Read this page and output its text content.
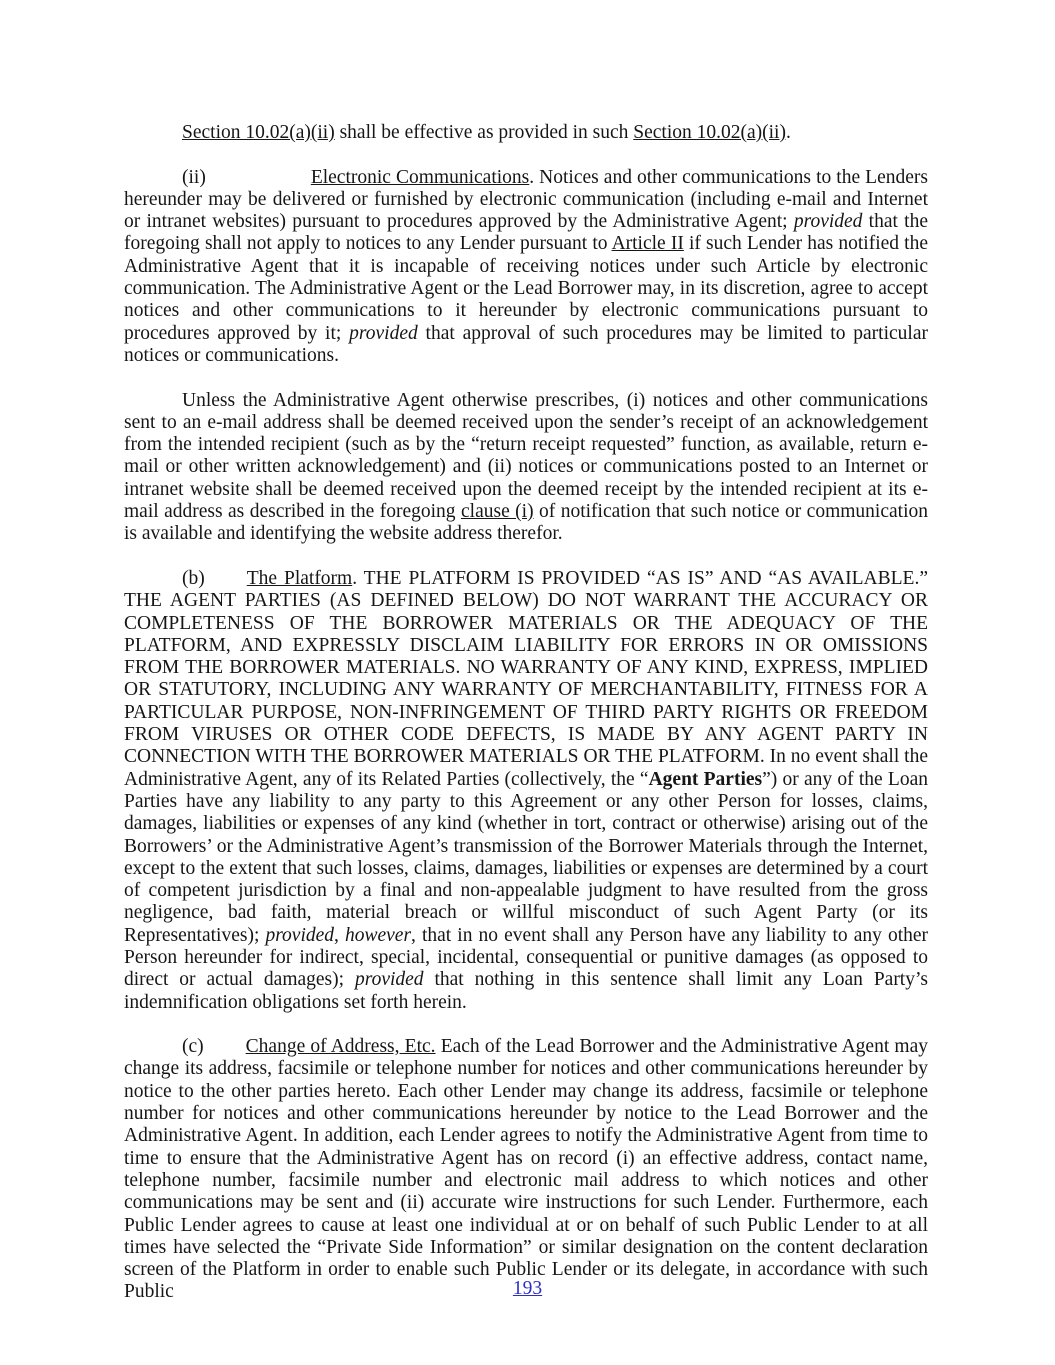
Section 10.02(a)(ii) shall be effective as provided in such Section 10.02(a)(ii).

(ii)	Electronic Communications. Notices and other communications to the Lenders hereunder may be delivered or furnished by electronic communication (including e-mail and Internet or intranet websites) pursuant to procedures approved by the Administrative Agent; provided that the foregoing shall not apply to notices to any Lender pursuant to Article II if such Lender has notified the Administrative Agent that it is incapable of receiving notices under such Article by electronic communication. The Administrative Agent or the Lead Borrower may, in its discretion, agree to accept notices and other communications to it hereunder by electronic communications pursuant to procedures approved by it; provided that approval of such procedures may be limited to particular notices or communications.

Unless the Administrative Agent otherwise prescribes, (i) notices and other communications sent to an e-mail address shall be deemed received upon the sender’s receipt of an acknowledgement from the intended recipient (such as by the “return receipt requested” function, as available, return e-mail or other written acknowledgement) and (ii) notices or communications posted to an Internet or intranet website shall be deemed received upon the deemed receipt by the intended recipient at its e-mail address as described in the foregoing clause (i) of notification that such notice or communication is available and identifying the website address therefor.

(b) The Platform. THE PLATFORM IS PROVIDED “AS IS” AND “AS AVAILABLE.” THE AGENT PARTIES (AS DEFINED BELOW) DO NOT WARRANT THE ACCURACY OR COMPLETENESS OF THE BORROWER MATERIALS OR THE ADEQUACY OF THE PLATFORM, AND EXPRESSLY DISCLAIM LIABILITY FOR ERRORS IN OR OMISSIONS FROM THE BORROWER MATERIALS. NO WARRANTY OF ANY KIND, EXPRESS, IMPLIED OR STATUTORY, INCLUDING ANY WARRANTY OF MERCHANTABILITY, FITNESS FOR A PARTICULAR PURPOSE, NON-INFRINGEMENT OF THIRD PARTY RIGHTS OR FREEDOM FROM VIRUSES OR OTHER CODE DEFECTS, IS MADE BY ANY AGENT PARTY IN CONNECTION WITH THE BORROWER MATERIALS OR THE PLATFORM. In no event shall the Administrative Agent, any of its Related Parties (collectively, the “Agent Parties”) or any of the Loan Parties have any liability to any party to this Agreement or any other Person for losses, claims, damages, liabilities or expenses of any kind (whether in tort, contract or otherwise) arising out of the Borrowers’ or the Administrative Agent’s transmission of the Borrower Materials through the Internet, except to the extent that such losses, claims, damages, liabilities or expenses are determined by a court of competent jurisdiction by a final and non-appealable judgment to have resulted from the gross negligence, bad faith, material breach or willful misconduct of such Agent Party (or its Representatives); provided, however, that in no event shall any Person have any liability to any other Person hereunder for indirect, special, incidental, consequential or punitive damages (as opposed to direct or actual damages); provided that nothing in this sentence shall limit any Loan Party’s indemnification obligations set forth herein.

(c) Change of Address, Etc. Each of the Lead Borrower and the Administrative Agent may change its address, facsimile or telephone number for notices and other communications hereunder by notice to the other parties hereto. Each other Lender may change its address, facsimile or telephone number for notices and other communications hereunder by notice to the Lead Borrower and the Administrative Agent. In addition, each Lender agrees to notify the Administrative Agent from time to time to ensure that the Administrative Agent has on record (i) an effective address, contact name, telephone number, facsimile number and electronic mail address to which notices and other communications may be sent and (ii) accurate wire instructions for such Lender. Furthermore, each Public Lender agrees to cause at least one individual at or on behalf of such Public Lender to at all times have selected the “Private Side Information” or similar designation on the content declaration screen of the Platform in order to enable such Public Lender or its delegate, in accordance with such Public	193
